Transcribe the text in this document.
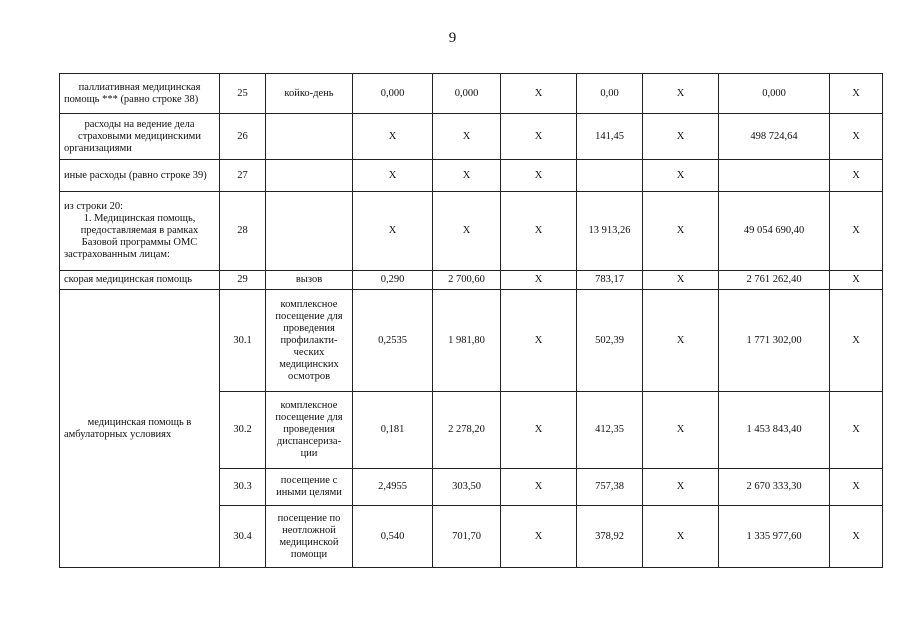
9
паллиативная медицинская помощь *** (равно строке 38)	25	койко-день	0,000	0,000	Х	0,00	Х	0,000	Х
расходы на ведение дела страховыми медицинскими организациями	26		Х	Х	Х	141,45	Х	498 724,64	Х
иные расходы (равно строке 39)	27		Х	Х	Х		Х		Х
из строки 20:
1. Медицинская помощь, предоставляемая в рамках Базовой программы ОМС застрахованным лицам:	28		Х	Х	Х	13 913,26	Х	49 054 690,40	Х
скорая медицинская помощь	29	вызов	0,290	2 700,60	Х	783,17	Х	2 761 262,40	Х
медицинская помощь в амбулаторных условиях	30.1	комплексное посещение для проведения профилакти-ческих медицинских осмотров	0,2535	1 981,80	Х	502,39	Х	1 771 302,00	Х
	30.2	комплексное посещение для проведения диспансериза-ции	0,181	2 278,20	Х	412,35	Х	1 453 843,40	Х
	30.3	посещение с иными целями	2,4955	303,50	Х	757,38	Х	2 670 333,30	Х
	30.4	посещение по неотложной медицинской помощи	0,540	701,70	Х	378,92	Х	1 335 977,60	Х
